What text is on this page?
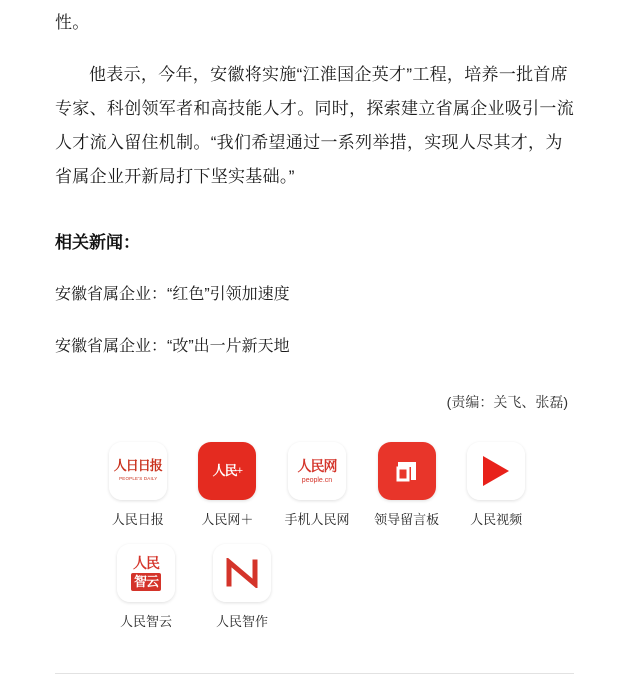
性。

他表示，今年，安徽将实施“江淮国企英才”工程，培养一批首席专家、科创领军者和高技能人才。同时，探索建立省属企业吸引一流人才流入留住机制。“我们希望通过一系列举措，实现人尽其才，为省属企业开新局打下坚实基础。”

相关新闻：
安徽省属企业：“红色”引领加速度
安徽省属企业：“改”出一片新天地
(责编：关飞、张磊)
人日日报
PEOPLE'S DAILY
人民日报
人民 +
人民网＋
人民网
people.cn
手机人民网 领导留言板 人民视频
人民
智云
人民智云	人民智作
